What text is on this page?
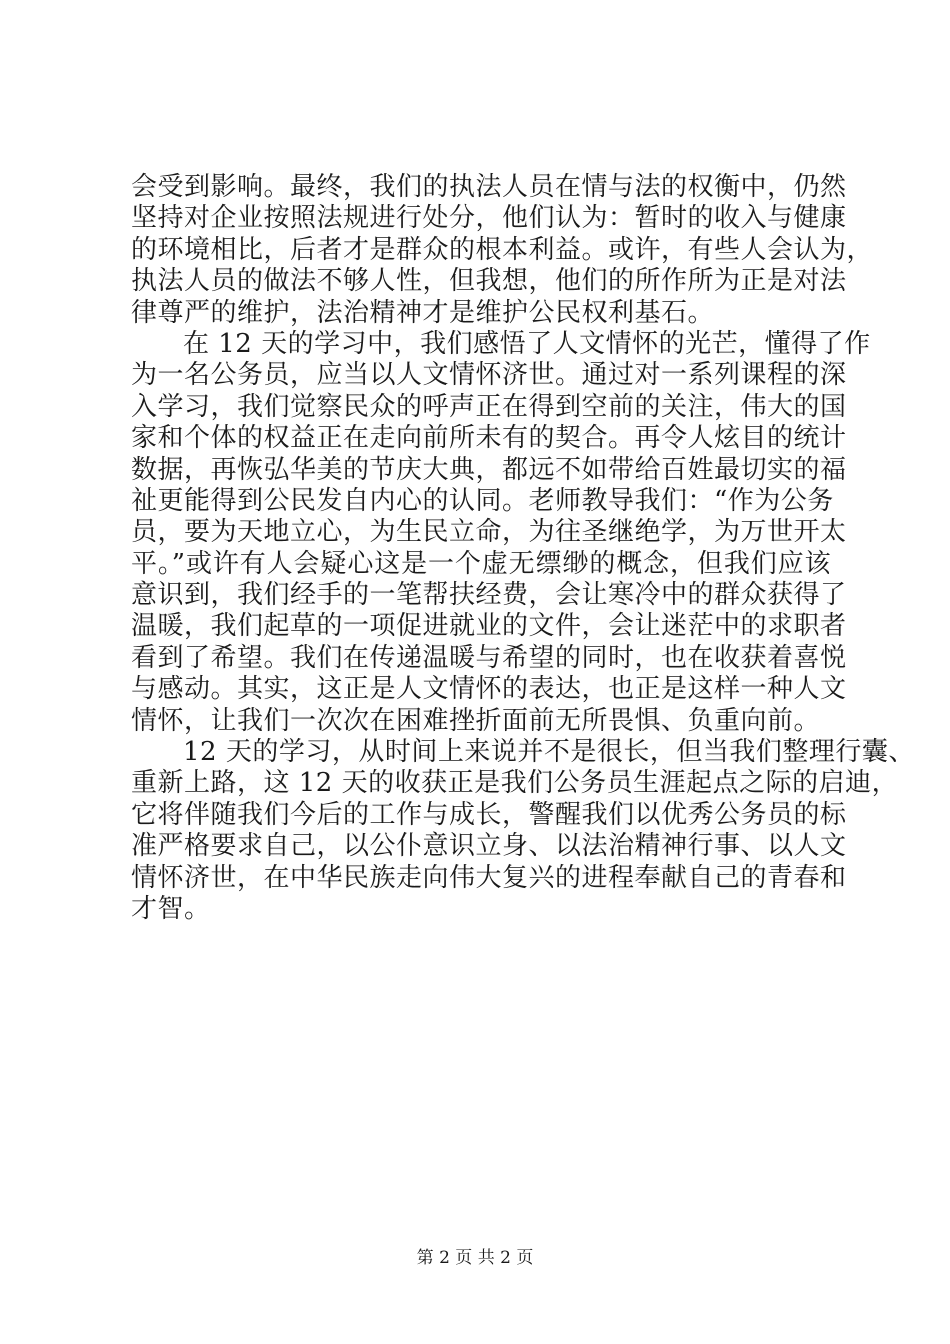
会受到影响。最终，我们的执法人员在情与法的权衡中，仍然
坚持对企业按照法规进行处分，他们认为：暂时的收入与健康
的环境相比，后者才是群众的根本利益。或许，有些人会认为，
执法人员的做法不够人性，但我想，他们的所作所为正是对法
律尊严的维护，法治精神才是维护公民权利基石。
在 12 天的学习中，我们感悟了人文情怀的光芒，懂得了作
为一名公务员，应当以人文情怀济世。通过对一系列课程的深
入学习，我们觉察民众的呼声正在得到空前的关注，伟大的国
家和个体的权益正在走向前所未有的契合。再令人炫目的统计
数据，再恢弘华美的节庆大典，都远不如带给百姓最切实的福
祉更能得到公民发自内心的认同。老师教导我们：“作为公务
员，要为天地立心，为生民立命，为往圣继绝学，为万世开太
平。”或许有人会疑心这是一个虚无缥缈的概念，但我们应该
意识到，我们经手的一笔帮扶经费，会让寒冷中的群众获得了
温暖，我们起草的一项促进就业的文件，会让迷茫中的求职者
看到了希望。我们在传递温暖与希望的同时，也在收获着喜悦
与感动。其实，这正是人文情怀的表达，也正是这样一种人文
情怀，让我们一次次在困难挫折面前无所畏惧、负重向前。
12 天的学习，从时间上来说并不是很长，但当我们整理行囊、
重新上路，这 12 天的收获正是我们公务员生涯起点之际的启迪，
它将伴随我们今后的工作与成长，警醒我们以优秀公务员的标
准严格要求自己，以公仆意识立身、以法治精神行事、以人文
情怀济世，在中华民族走向伟大复兴的进程奉献自己的青春和
才智。
第 2 页 共 2 页
